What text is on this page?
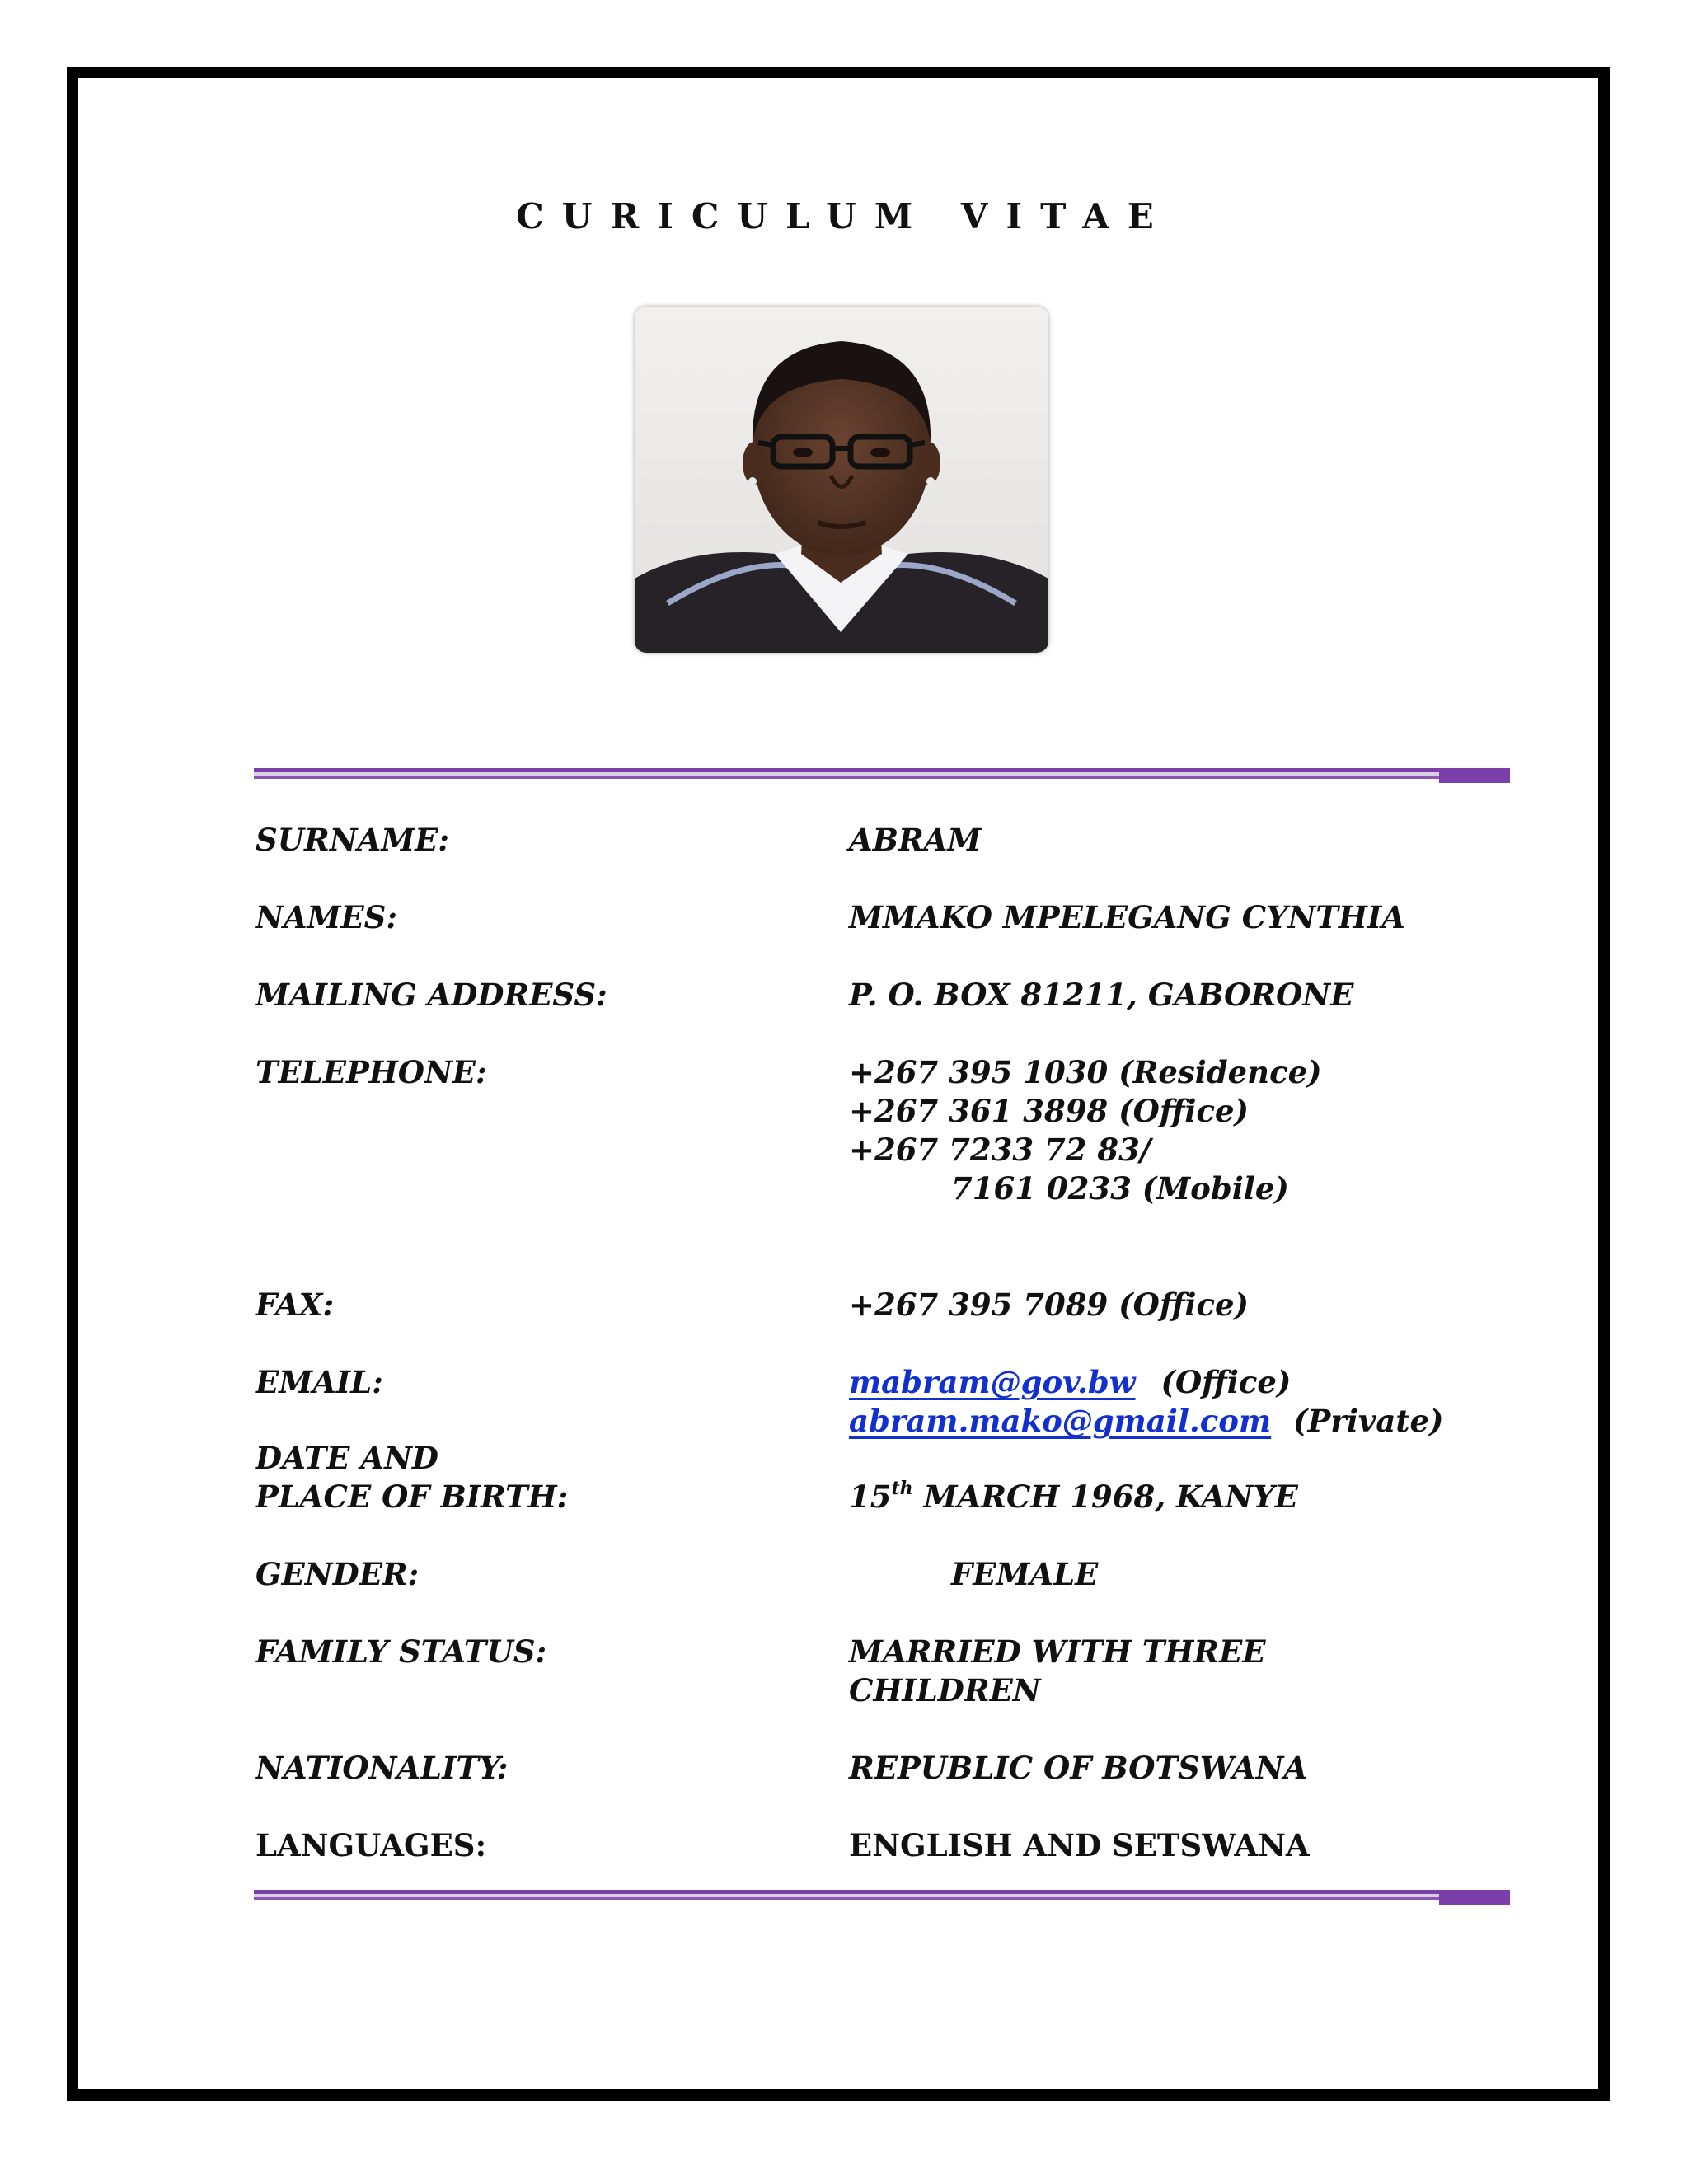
CURICULUM VITAE
SURNAME:	ABRAM
NAMES:	MMAKO MPELEGANG CYNTHIA
MAILING ADDRESS:	P. O. BOX 81211, GABORONE
TELEPHONE:	+267 395 1030 (Residence)
+267 361 3898 (Office)
+267 7233 72 83/
7161 0233 (Mobile)
FAX:	+267 395 7089 (Office)
EMAIL:	mabram@gov.bw (Office)
abram.mako@gmail.com (Private)
DATE AND
PLACE OF BIRTH:	15th MARCH 1968, KANYE
GENDER:	FEMALE
FAMILY STATUS:	MARRIED WITH THREE
CHILDREN
NATIONALITY:	REPUBLIC OF BOTSWANA
LANGUAGES:	ENGLISH AND SETSWANA
